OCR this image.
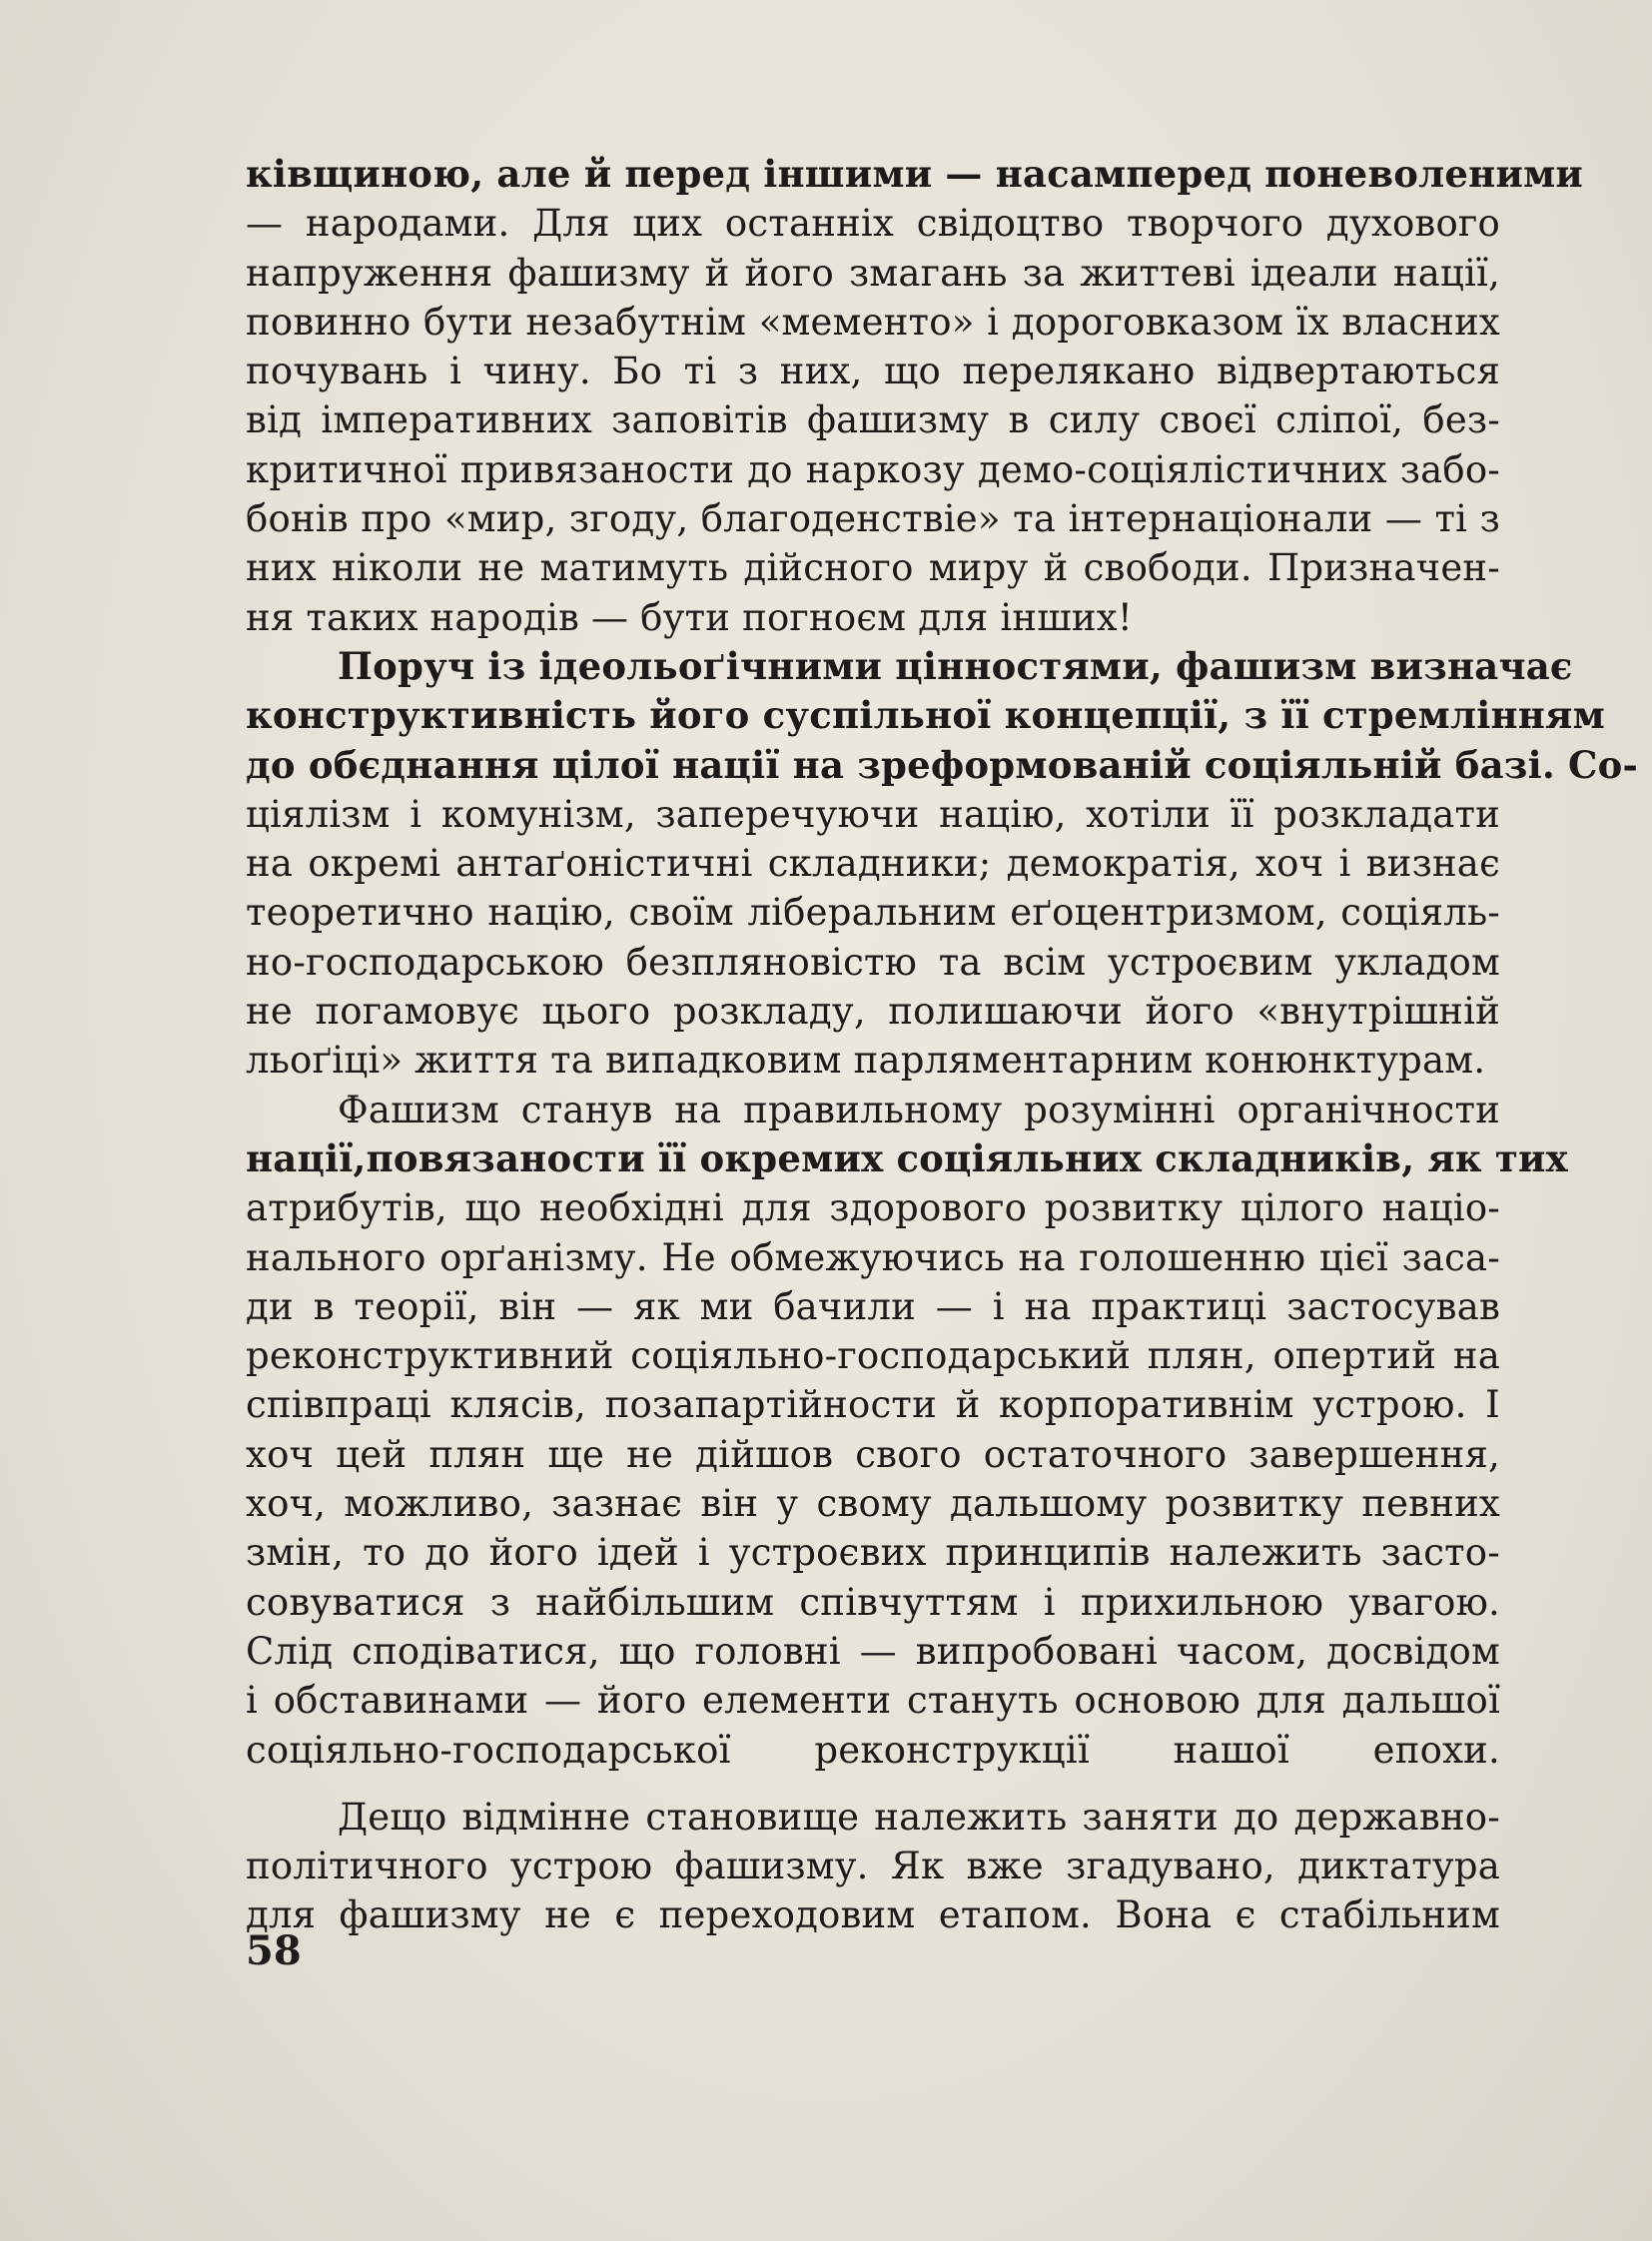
ківщиною, але й перед іншими — насамперед поневоленими
— народами. Для цих останніх свідоцтво творчого духового
напруження фашизму й його змагань за життеві ідеали нації,
повинно бути незабутнім «мементо» і дороговказом їх власних
почувань і чину. Бо ті з них, що переляканo відвертаються
від імперативних заповітів фашизму в силу своєї сліпої, без-
критичної привязаности до наркозу демо-соціялістичних забо-
бонів про «мир, згоду, благоденствіе» та інтернаціонали — ті з
них ніколи не матимуть дійсного миру й свободи. Призначен-
ня таких народів — бути погноєм для інших!
Поруч із ідеольоґічними цінностями, фашизм визначає
конструктивність його суспільної концепції, з її стремлінням
до обєднання цілої нації на зреформованій соціяльній базі. Со-
ціялізм і комунізм, заперечуючи націю, хотіли її розкладати
на окремі антаґоністичні складники; демократія, хоч і визнає
теоретично націю, своїм ліберальним еґоцентризмом, соціяль-
но-господарською безпляновістю та всім устроєвим укладом
не погамовує цього розкладу, полишаючи його «внутрішній
льоґіці» життя та випадковим парляментарним конюнктурам.
Фашизм станув на правильному розумінні органічности
нації,повязаности її окремих соціяльних складників, як тих
атрибутів, що необхідні для здорового розвитку цілого націо-
нального орґанізму. Не обмежуючись на голошенню цієї заса-
ди в теорії, він — як ми бачили — і на практиці застосував
реконструктивний соціяльно-господарський плян, опертий на
співпраці клясів, позапартійности й корпоративнім устрою. І
хоч цей плян ще не дійшов свого остаточного завершення,
хоч, можливо, зазнає він у свому дальшому розвитку певних
змін, то до його ідей і устроєвих принципів належить засто-
совуватися з найбільшим співчуттям і прихильною увагою.
Слід сподіватися, що головні — випробовані часом, досвідом
і обставинами — його елементи стануть основою для дальшої
соціяльно-господарської реконструкції нашої епохи.
Дещо відмінне становище належить заняти до державно-
політичного устрою фашизму. Як вже згадувано, диктатура
для фашизму не є переходовим етапом. Вона є стабільним
58
